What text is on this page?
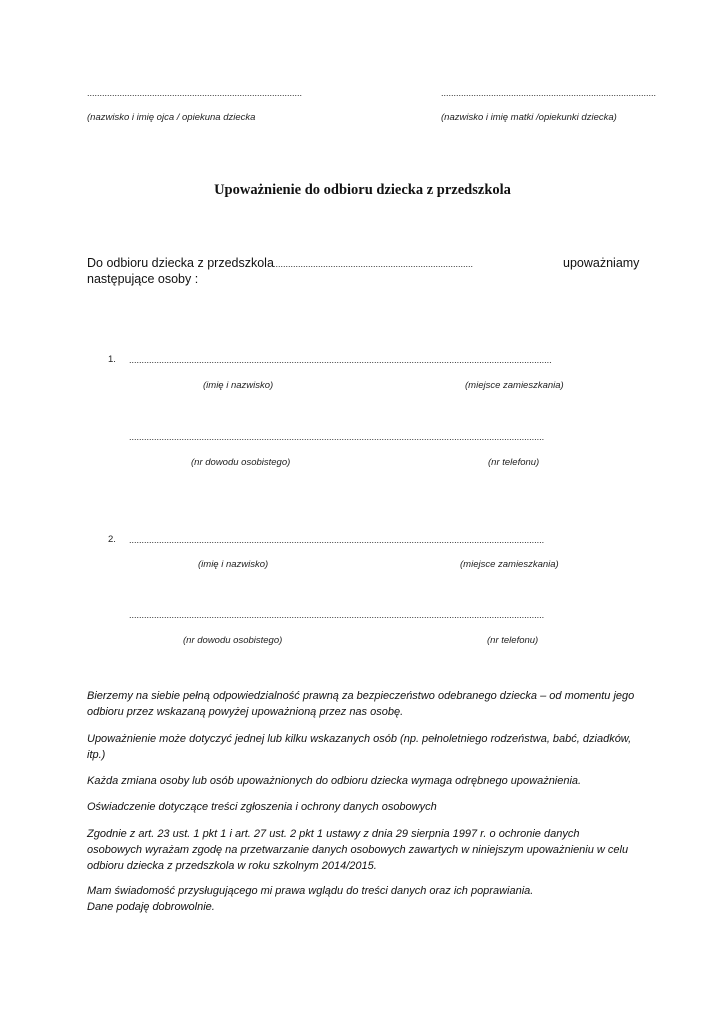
......................................................................................	......................................................................................
(nazwisko i imię ojca / opiekuna dziecka	(nazwisko i imię matki /opiekunki dziecka)
Upoważnienie do odbioru dziecka z przedszkola
Do odbioru dziecka z przedszkola ................................................................................	upoważniamy
następujące osoby :
1. .........................................................................................................................................................................
(imię i nazwisko)	(miejsce zamieszkania)
......................................................................................................................................................................
(nr dowodu osobistego)	(nr telefonu)
2. ......................................................................................................................................................................
(imię i nazwisko)	(miejsce zamieszkania)
......................................................................................................................................................................
(nr dowodu osobistego)	(nr telefonu)
Bierzemy na siebie pełną odpowiedzialność prawną za bezpieczeństwo odebranego dziecka – od momentu jego
odbioru przez wskazaną powyżej upoważnioną przez nas osobę.
Upoważnienie może dotyczyć jednej lub kilku wskazanych osób (np. pełnoletniego rodzeństwa, babć, dziadków,
itp.)
Każda zmiana osoby lub osób upoważnionych do odbioru dziecka wymaga odrębnego upoważnienia.
Oświadczenie dotyczące treści zgłoszenia i ochrony danych osobowych
Zgodnie z art. 23 ust. 1 pkt 1 i art. 27 ust. 2 pkt 1 ustawy z dnia 29 sierpnia 1997 r. o ochronie danych
osobowych wyrażam zgodę na przetwarzanie danych osobowych zawartych w niniejszym upoważnieniu w celu
odbioru dziecka z przedszkola w roku szkolnym 2014/2015.
Mam świadomość przysługującego mi prawa wglądu do treści danych oraz ich poprawiania.
Dane podaję dobrowolnie.
